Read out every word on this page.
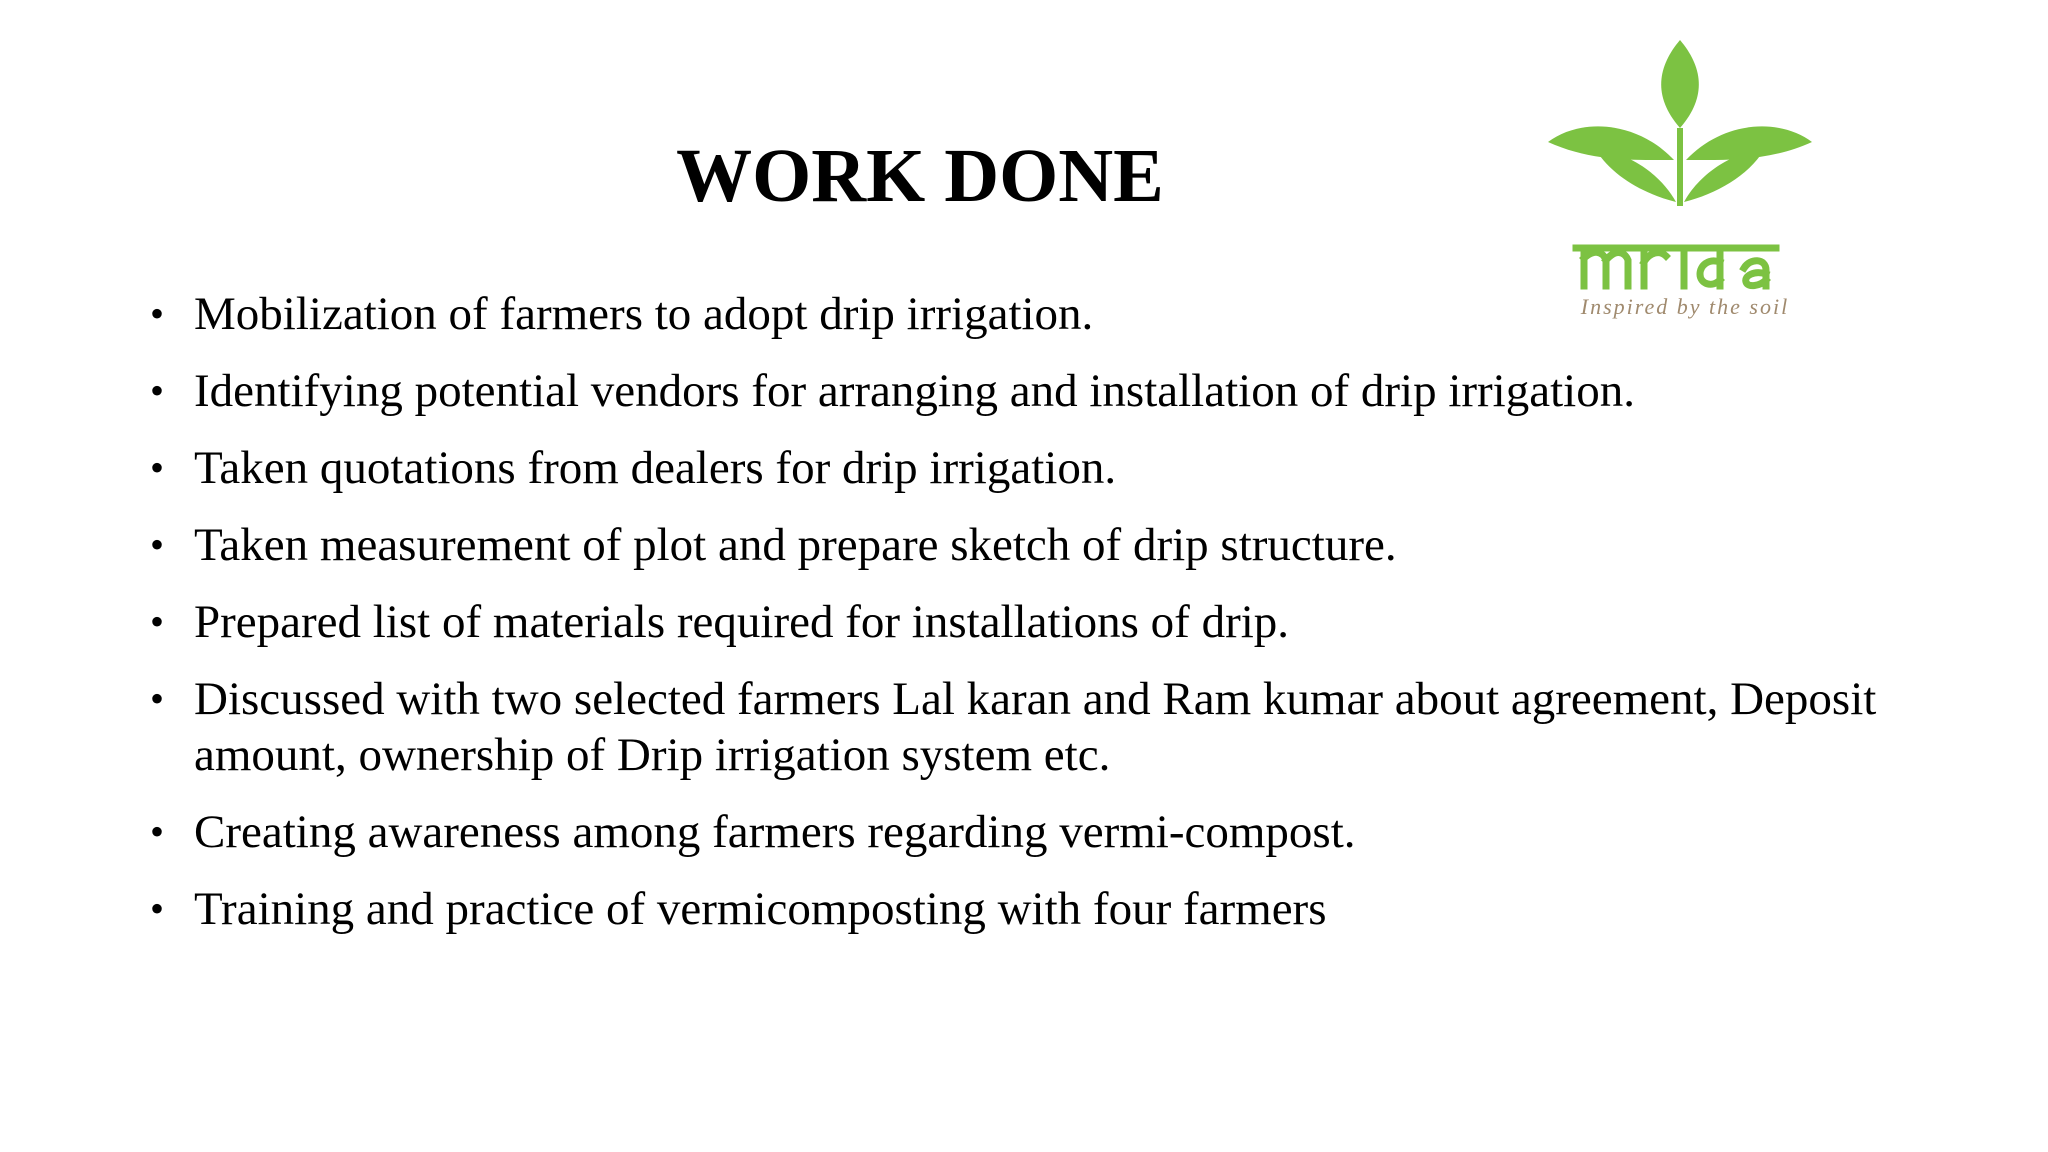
WORK DONE
Inspired by the soil
• Mobilization of farmers to adopt drip irrigation.
• Identifying potential vendors for arranging and installation of drip irrigation.
• Taken quotations from dealers for drip irrigation.
• Taken measurement of plot and prepare sketch of drip structure.
• Prepared list of materials required for installations of drip.
• Discussed with two selected farmers Lal karan and Ram kumar about agreement, Deposit amount, ownership of Drip irrigation system etc.
• Creating awareness among farmers regarding vermi-compost.
• Training and practice of vermicomposting with four farmers
